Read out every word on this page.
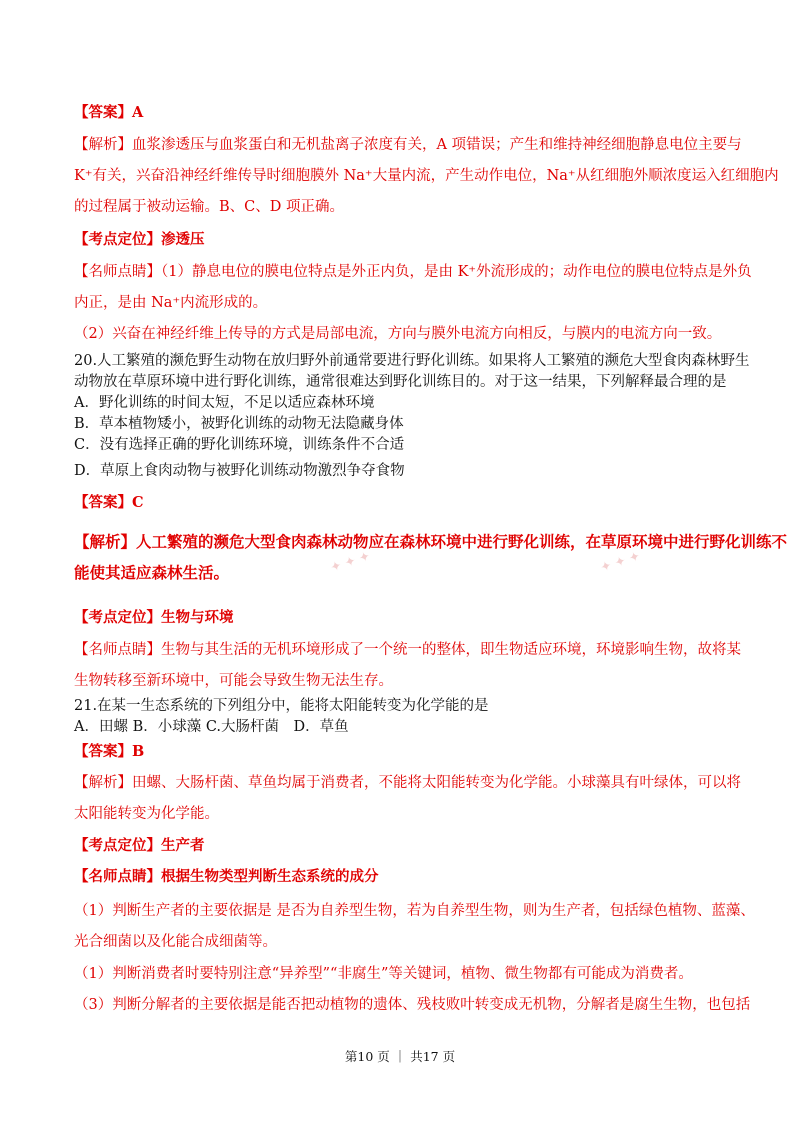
【答案】A
【解析】血浆渗透压与血浆蛋白和无机盐离子浓度有关，A 项错误；产生和维持神经细胞静息电位主要与
K⁺有关，兴奋沿神经纤维传导时细胞膜外 Na⁺大量内流，产生动作电位，Na⁺从红细胞外顺浓度运入红细胞内
的过程属于被动运输。B、C、D 项正确。
【考点定位】渗透压
【名师点睛】（1）静息电位的膜电位特点是外正内负，是由 K⁺外流形成的；动作电位的膜电位特点是外负
内正，是由 Na⁺内流形成的。
（2）兴奋在神经纤维上传导的方式是局部电流，方向与膜外电流方向相反，与膜内的电流方向一致。
20.人工繁殖的濒危野生动物在放归野外前通常要进行野化训练。如果将人工繁殖的濒危大型食肉森林野生
动物放在草原环境中进行野化训练，通常很难达到野化训练目的。对于这一结果，下列解释最合理的是
A．野化训练的时间太短，不足以适应森林环境
B．草本植物矮小，被野化训练的动物无法隐藏身体
C．没有选择正确的野化训练环境，训练条件不合适
D．草原上食肉动物与被野化训练动物激烈争夺食物
【答案】C
✦ ✦ ✦	✦ ✦ ✦
【解析】人工繁殖的濒危大型食肉森林动物应在森林环境中进行野化训练，在草原环境中进行野化训练不
能使其适应森林生活。
【考点定位】生物与环境
【名师点睛】生物与其生活的无机环境形成了一个统一的整体，即生物适应环境，环境影响生物，故将某
生物转移至新环境中，可能会导致生物无法生存。
21.在某一生态系统的下列组分中，能将太阳能转变为化学能的是
A．田螺 B．小球藻 C.大肠杆菌　D．草鱼
【答案】B
【解析】田螺、大肠杆菌、草鱼均属于消费者，不能将太阳能转变为化学能。小球藻具有叶绿体，可以将
太阳能转变为化学能。
【考点定位】生产者
【名师点睛】根据生物类型判断生态系统的成分
（1）判断生产者的主要依据是 是否为自养型生物，若为自养型生物，则为生产者，包括绿色植物、蓝藻、
光合细菌以及化能合成细菌等。
（1）判断消费者时要特别注意“异养型”“非腐生”等关键词，植物、微生物都有可能成为消费者。
（3）判断分解者的主要依据是能否把动植物的遗体、残枝败叶转变成无机物，分解者是腐生生物，也包括
第10 页 ｜ 共17 页
